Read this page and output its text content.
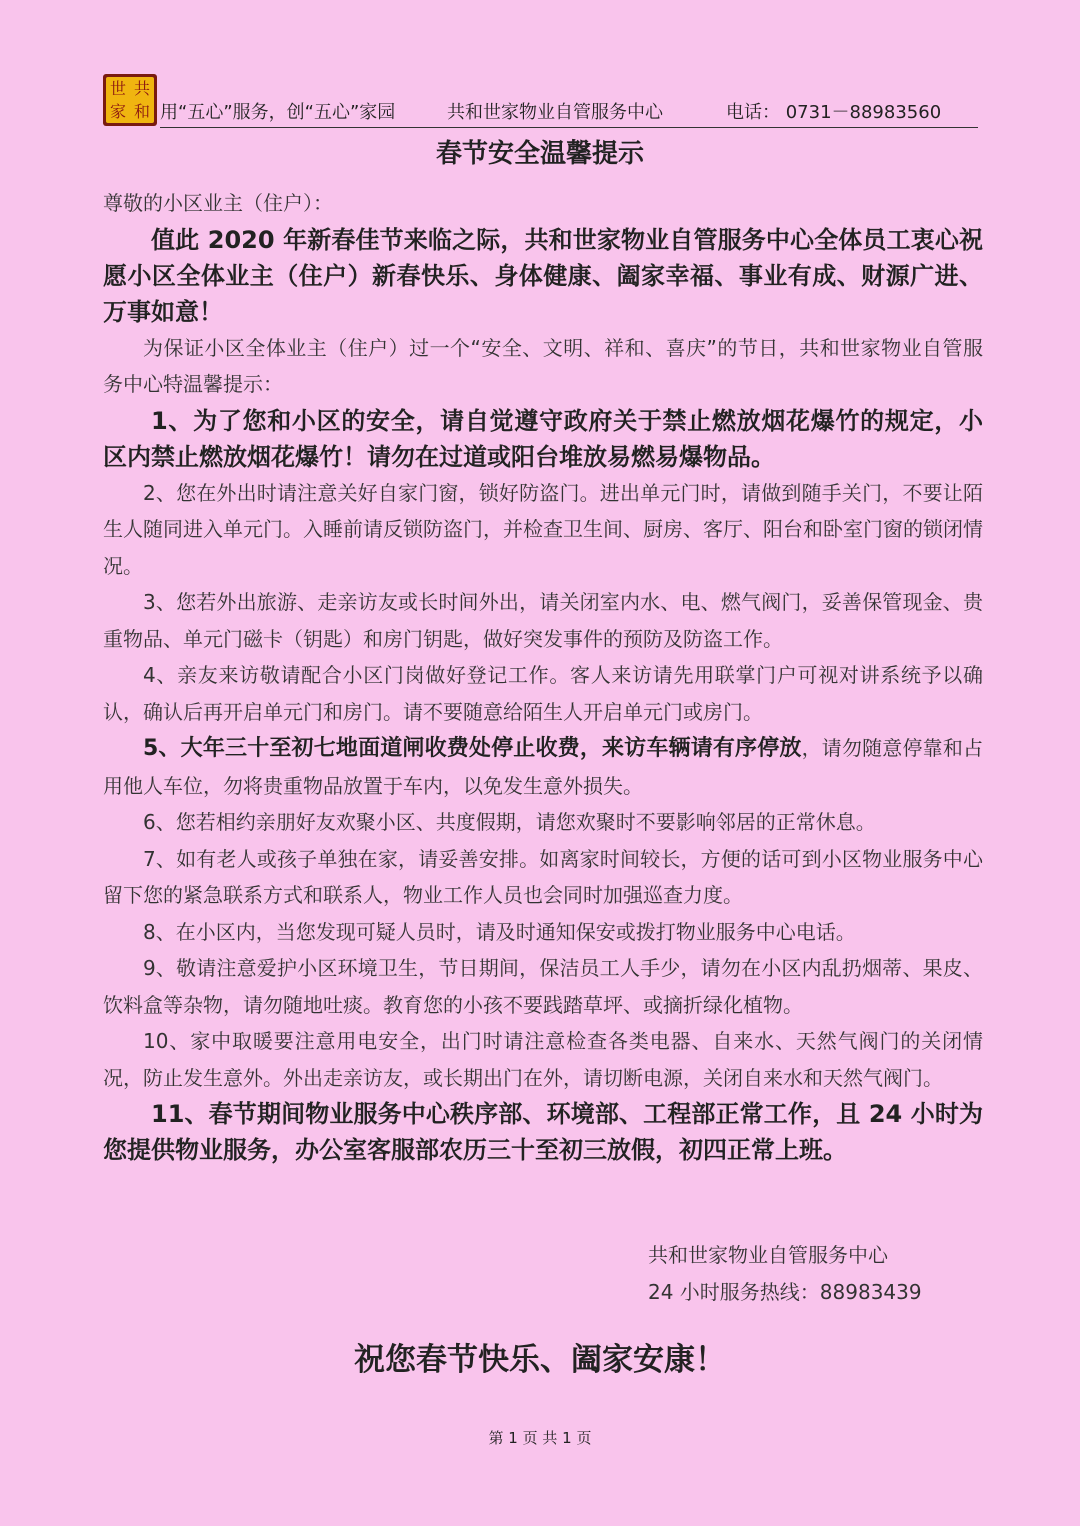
世 共
家 和 用“五心”服务，创“五心”家园	共和世家物业自管服务中心	电话： 0731－88983560
春节安全温馨提示

尊敬的小区业主（住户）：

值此 2020 年新春佳节来临之际，共和世家物业自管服务中心全体员工衷心祝愿小区全体业主（住户）新春快乐、身体健康、阖家幸福、事业有成、财源广进、万事如意！

为保证小区全体业主（住户）过一个“安全、文明、祥和、喜庆”的节日，共和世家物业自管服务中心特温馨提示：

1、为了您和小区的安全，请自觉遵守政府关于禁止燃放烟花爆竹的规定，小区内禁止燃放烟花爆竹！请勿在过道或阳台堆放易燃易爆物品。

2、您在外出时请注意关好自家门窗，锁好防盗门。进出单元门时，请做到随手关门，不要让陌生人随同进入单元门。入睡前请反锁防盗门，并检查卫生间、厨房、客厅、阳台和卧室门窗的锁闭情况。

3、您若外出旅游、走亲访友或长时间外出，请关闭室内水、电、燃气阀门，妥善保管现金、贵重物品、单元门磁卡（钥匙）和房门钥匙，做好突发事件的预防及防盗工作。

4、亲友来访敬请配合小区门岗做好登记工作。客人来访请先用联掌门户可视对讲系统予以确认，确认后再开启单元门和房门。请不要随意给陌生人开启单元门或房门。

5、大年三十至初七地面道闸收费处停止收费，来访车辆请有序停放，请勿随意停靠和占用他人车位，勿将贵重物品放置于车内，以免发生意外损失。

6、您若相约亲朋好友欢聚小区、共度假期，请您欢聚时不要影响邻居的正常休息。

7、如有老人或孩子单独在家，请妥善安排。如离家时间较长，方便的话可到小区物业服务中心留下您的紧急联系方式和联系人，物业工作人员也会同时加强巡查力度。

8、在小区内，当您发现可疑人员时，请及时通知保安或拨打物业服务中心电话。

9、敬请注意爱护小区环境卫生，节日期间，保洁员工人手少，请勿在小区内乱扔烟蒂、果皮、饮料盒等杂物，请勿随地吐痰。教育您的小孩不要践踏草坪、或摘折绿化植物。

10、家中取暖要注意用电安全，出门时请注意检查各类电器、自来水、天然气阀门的关闭情况，防止发生意外。外出走亲访友，或长期出门在外，请切断电源，关闭自来水和天然气阀门。

11、春节期间物业服务中心秩序部、环境部、工程部正常工作，且 24 小时为您提供物业服务，办公室客服部农历三十至初三放假，初四正常上班。

共和世家物业自管服务中心
24 小时服务热线：88983439
祝您春节快乐、阖家安康！
第 1 页 共 1 页
